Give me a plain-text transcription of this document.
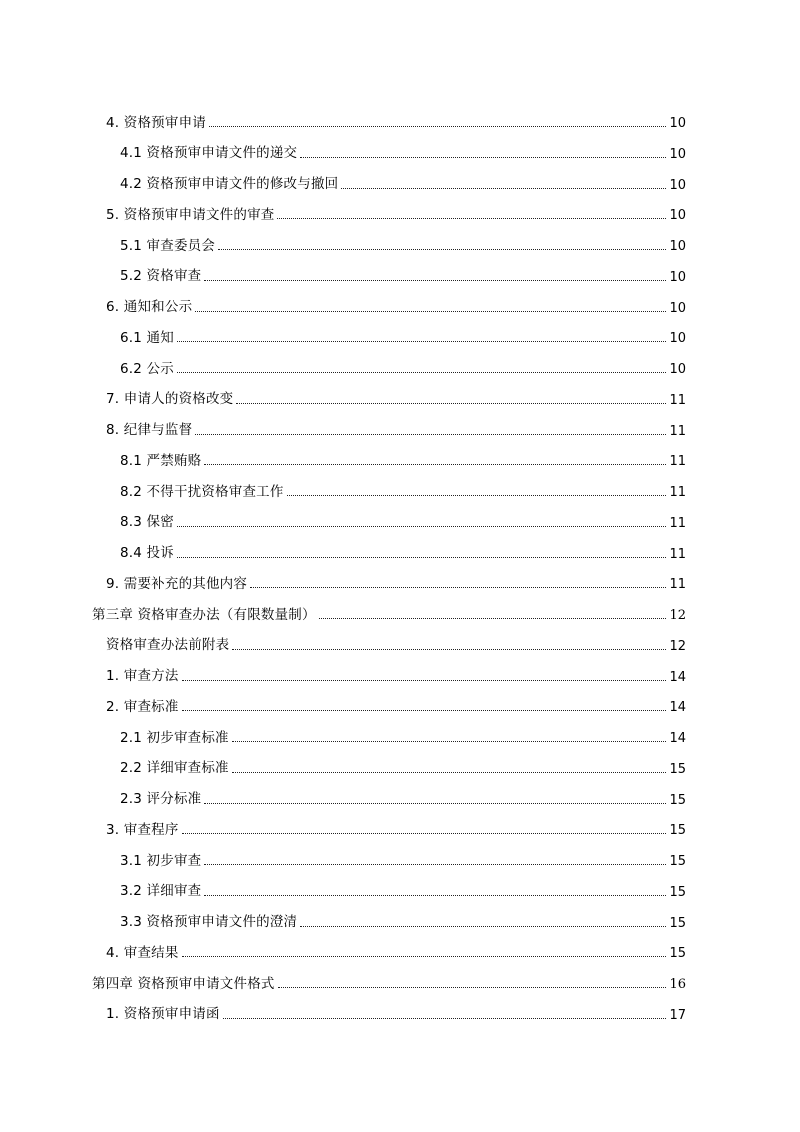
4. 资格预审申请	10
4.1 资格预审申请文件的递交	10
4.2 资格预审申请文件的修改与撤回	10
5. 资格预审申请文件的审查	10
5.1 审查委员会	10
5.2 资格审查	10
6. 通知和公示	10
6.1 通知	10
6.2 公示	10
7. 申请人的资格改变	11
8. 纪律与监督	11
8.1 严禁贿赂	11
8.2 不得干扰资格审查工作	11
8.3 保密	11
8.4 投诉	11
9. 需要补充的其他内容	11
第三章 资格审查办法（有限数量制）	12
资格审查办法前附表	12
1. 审查方法	14
2. 审查标准	14
2.1 初步审查标准	14
2.2 详细审查标准	15
2.3 评分标准	15
3. 审查程序	15
3.1 初步审查	15
3.2 详细审查	15
3.3 资格预审申请文件的澄清	15
4. 审查结果	15
第四章 资格预审申请文件格式	16
1. 资格预审申请函	17
